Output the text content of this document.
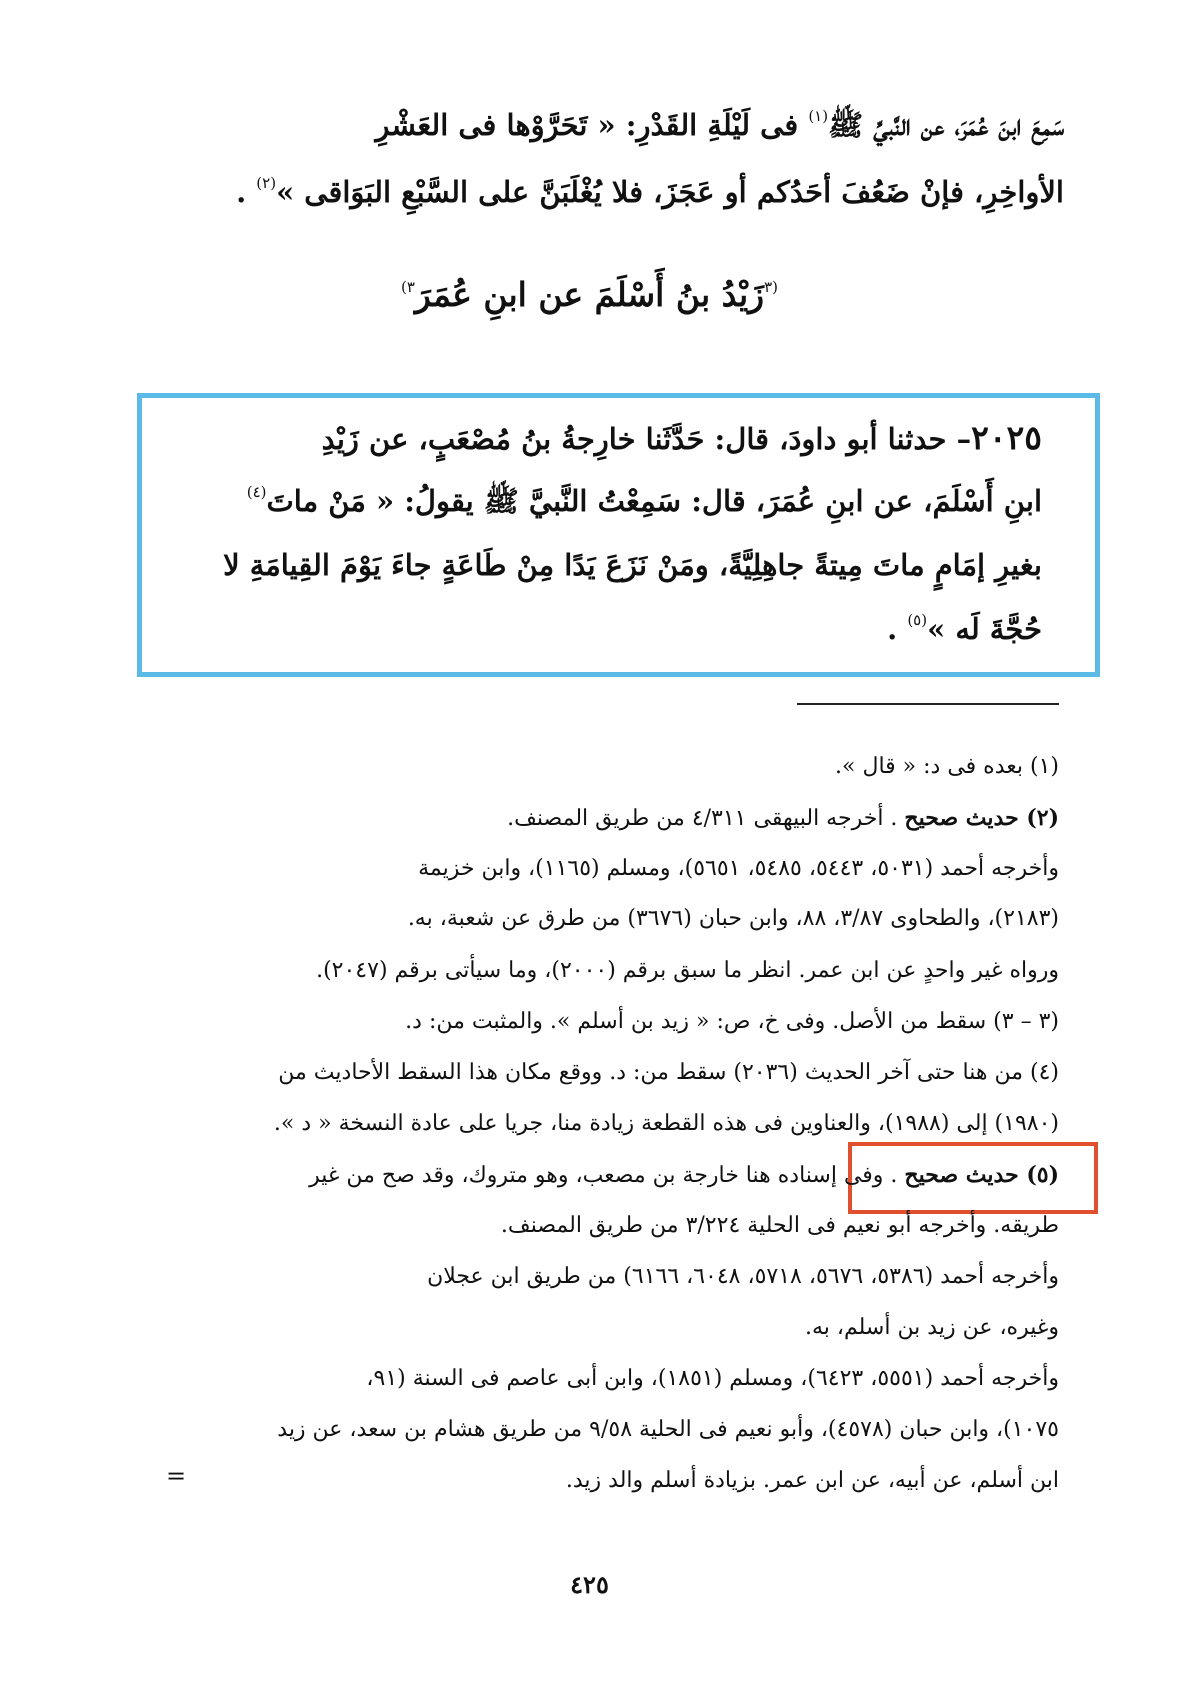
سَمِعَ ابنَ عُمَرَ، عن النَّبيِّ ﷺ$^{(١)}$ فى لَيْلَةِ القَدْرِ: « تَحَرَّوْها فى العَشْرِ
الأواخِرِ، فإنْ ضَعُفَ أحَدُكم أو عَجَزَ، فلا يُغْلَبَنَّ على السَّبْعِ البَوَاقى »$^{(٢)}$ .
$^{(٣}$زَيْدُ بنُ أَسْلَمَ عن ابنِ عُمَرَ$^{٣)}$
٢٠٢٥– حدثنا أبو داودَ، قال: حَدَّثَنا خارِجةُ بنُ مُصْعَبٍ، عن زَيْدِ
ابنِ أَسْلَمَ، عن ابنِ عُمَرَ، قال: سَمِعْتُ النَّبيَّ ﷺ يقولُ: « مَنْ ماتَ$^{(٤)}$
بغيرِ إمَامٍ ماتَ مِيتةً جاهِلِيَّةً، ومَنْ نَزَعَ يَدًا مِنْ طَاعَةٍ جاءَ يَوْمَ القِيامَةِ لا
حُجَّةَ لَه »$^{(٥)}$ .
(١) بعده فى د: « قال ».
(٢) حديث صحيح . أخرجه البيهقى ٤/٣١١ من طريق المصنف.
وأخرجه أحمد (٥٠٣١، ٥٤٤٣، ٥٤٨٥، ٥٦٥١)، ومسلم (١١٦٥)، وابن خزيمة
(٢١٨٣)، والطحاوى ٣/٨٧، ٨٨، وابن حبان (٣٦٧٦) من طرق عن شعبة، به.
ورواه غير واحدٍ عن ابن عمر. انظر ما سبق برقم (٢٠٠٠)، وما سيأتى برقم (٢٠٤٧).
(٣ – ٣) سقط من الأصل. وفى خ، ص: « زيد بن أسلم ». والمثبت من: د.
(٤) من هنا حتى آخر الحديث (٢٠٣٦) سقط من: د. ووقع مكان هذا السقط الأحاديث من
(١٩٨٠) إلى (١٩٨٨)، والعناوين فى هذه القطعة زيادة منا، جريا على عادة النسخة « د ».
(٥) حديث صحيح . وفى إسناده هنا خارجة بن مصعب، وهو متروك، وقد صح من غير
طريقه. وأخرجه أبو نعيم فى الحلية ٣/٢٢٤ من طريق المصنف.
وأخرجه أحمد (٥٣٨٦، ٥٦٧٦، ٥٧١٨، ٦٠٤٨، ٦١٦٦) من طريق ابن عجلان
وغيره، عن زيد بن أسلم، به.
وأخرجه أحمد (٥٥٥١، ٦٤٢٣)، ومسلم (١٨٥١)، وابن أبى عاصم فى السنة (٩١،
١٠٧٥)، وابن حبان (٤٥٧٨)، وأبو نعيم فى الحلية ٩/٥٨ من طريق هشام بن سعد، عن زيد
ابن أسلم، عن أبيه، عن ابن عمر. بزيادة أسلم والد زيد.
=
٤٢٥
